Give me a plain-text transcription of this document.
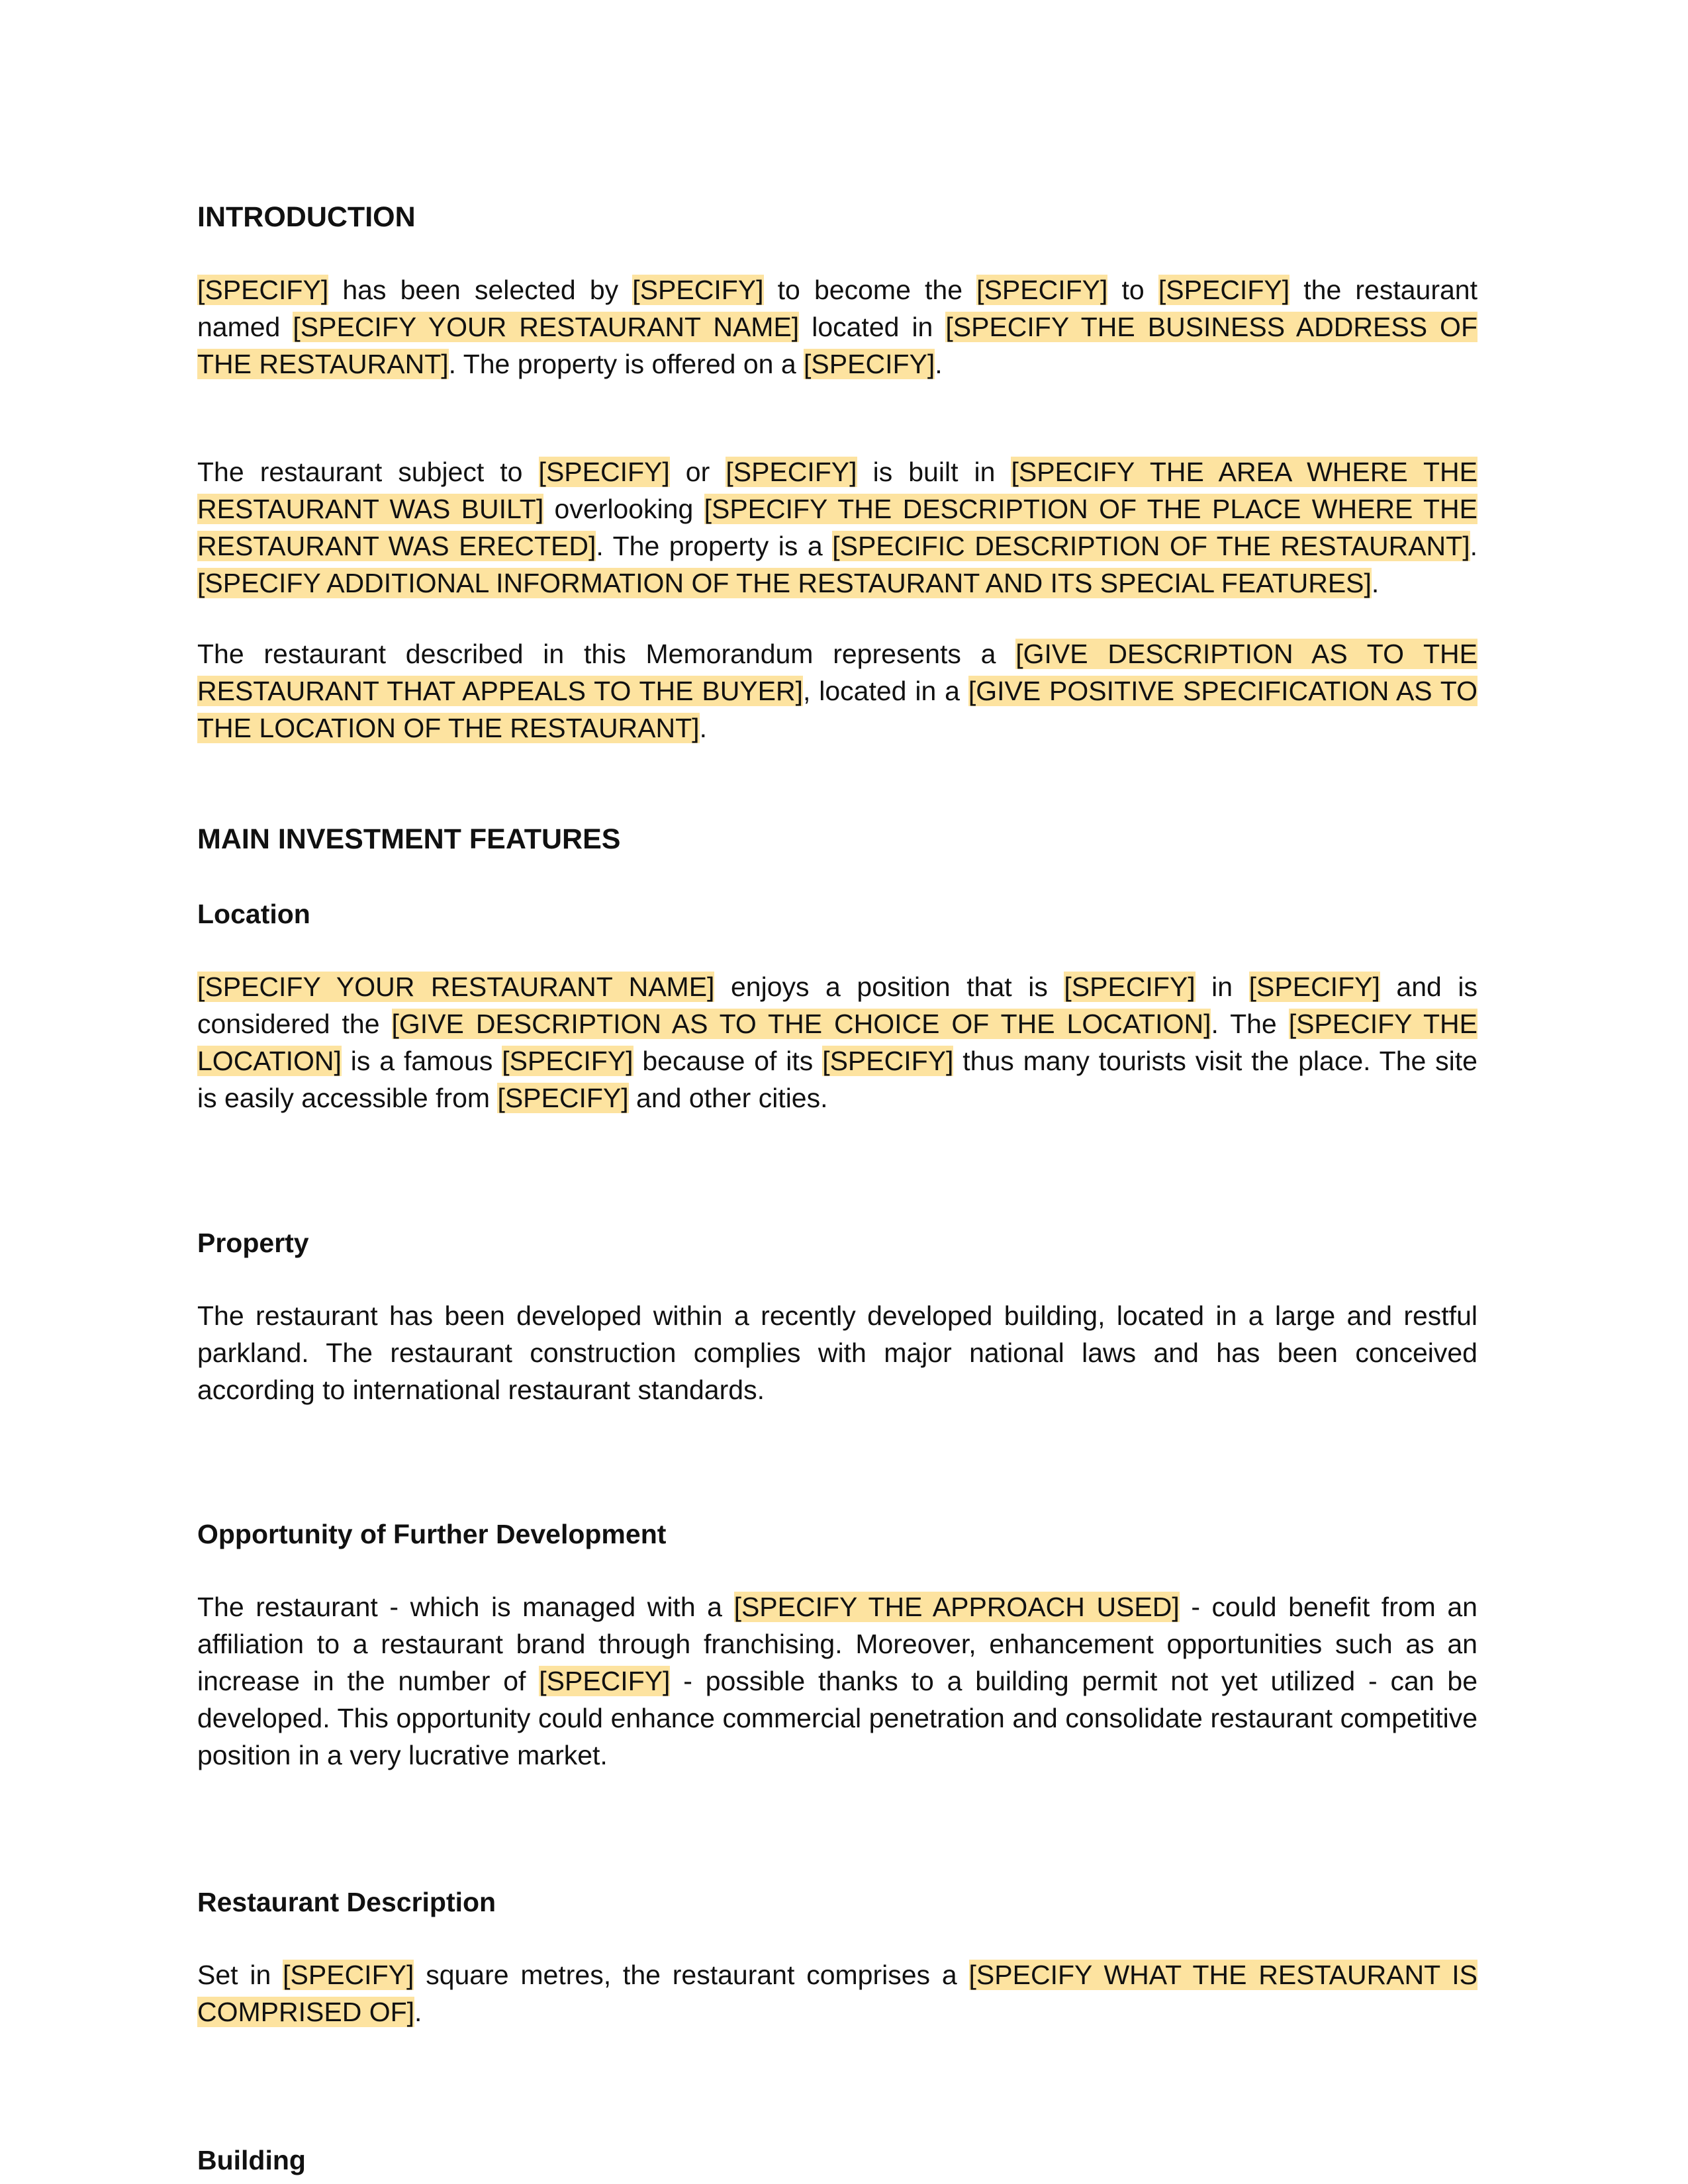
INTRODUCTION

[SPECIFY] has been selected by [SPECIFY] to become the [SPECIFY] to [SPECIFY] the restaurant named [SPECIFY YOUR RESTAURANT NAME] located in [SPECIFY THE BUSINESS ADDRESS OF THE RESTAURANT]. The property is offered on a [SPECIFY].

The restaurant subject to [SPECIFY] or [SPECIFY] is built in [SPECIFY THE AREA WHERE THE RESTAURANT WAS BUILT] overlooking [SPECIFY THE DESCRIPTION OF THE PLACE WHERE THE RESTAURANT WAS ERECTED]. The property is a [SPECIFIC DESCRIPTION OF THE RESTAURANT]. [SPECIFY ADDITIONAL INFORMATION OF THE RESTAURANT AND ITS SPECIAL FEATURES].

The restaurant described in this Memorandum represents a [GIVE DESCRIPTION AS TO THE RESTAURANT THAT APPEALS TO THE BUYER], located in a [GIVE POSITIVE SPECIFICATION AS TO THE LOCATION OF THE RESTAURANT].

MAIN INVESTMENT FEATURES
Location

[SPECIFY YOUR RESTAURANT NAME] enjoys a position that is [SPECIFY] in [SPECIFY] and is considered the [GIVE DESCRIPTION AS TO THE CHOICE OF THE LOCATION]. The [SPECIFY THE LOCATION] is a famous [SPECIFY] because of its [SPECIFY] thus many tourists visit the place. The site is easily accessible from [SPECIFY] and other cities.

Property

The restaurant has been developed within a recently developed building, located in a large and restful parkland. The restaurant construction complies with major national laws and has been conceived according to international restaurant standards.

Opportunity of Further Development

The restaurant - which is managed with a [SPECIFY THE APPROACH USED] - could benefit from an affiliation to a restaurant brand through franchising. Moreover, enhancement opportunities such as an increase in the number of [SPECIFY] - possible thanks to a building permit not yet utilized - can be developed. This opportunity could enhance commercial penetration and consolidate restaurant competitive position in a very lucrative market.

Restaurant Description

Set in [SPECIFY] square metres, the restaurant comprises a [SPECIFY WHAT THE RESTAURANT IS COMPRISED OF].

Building
